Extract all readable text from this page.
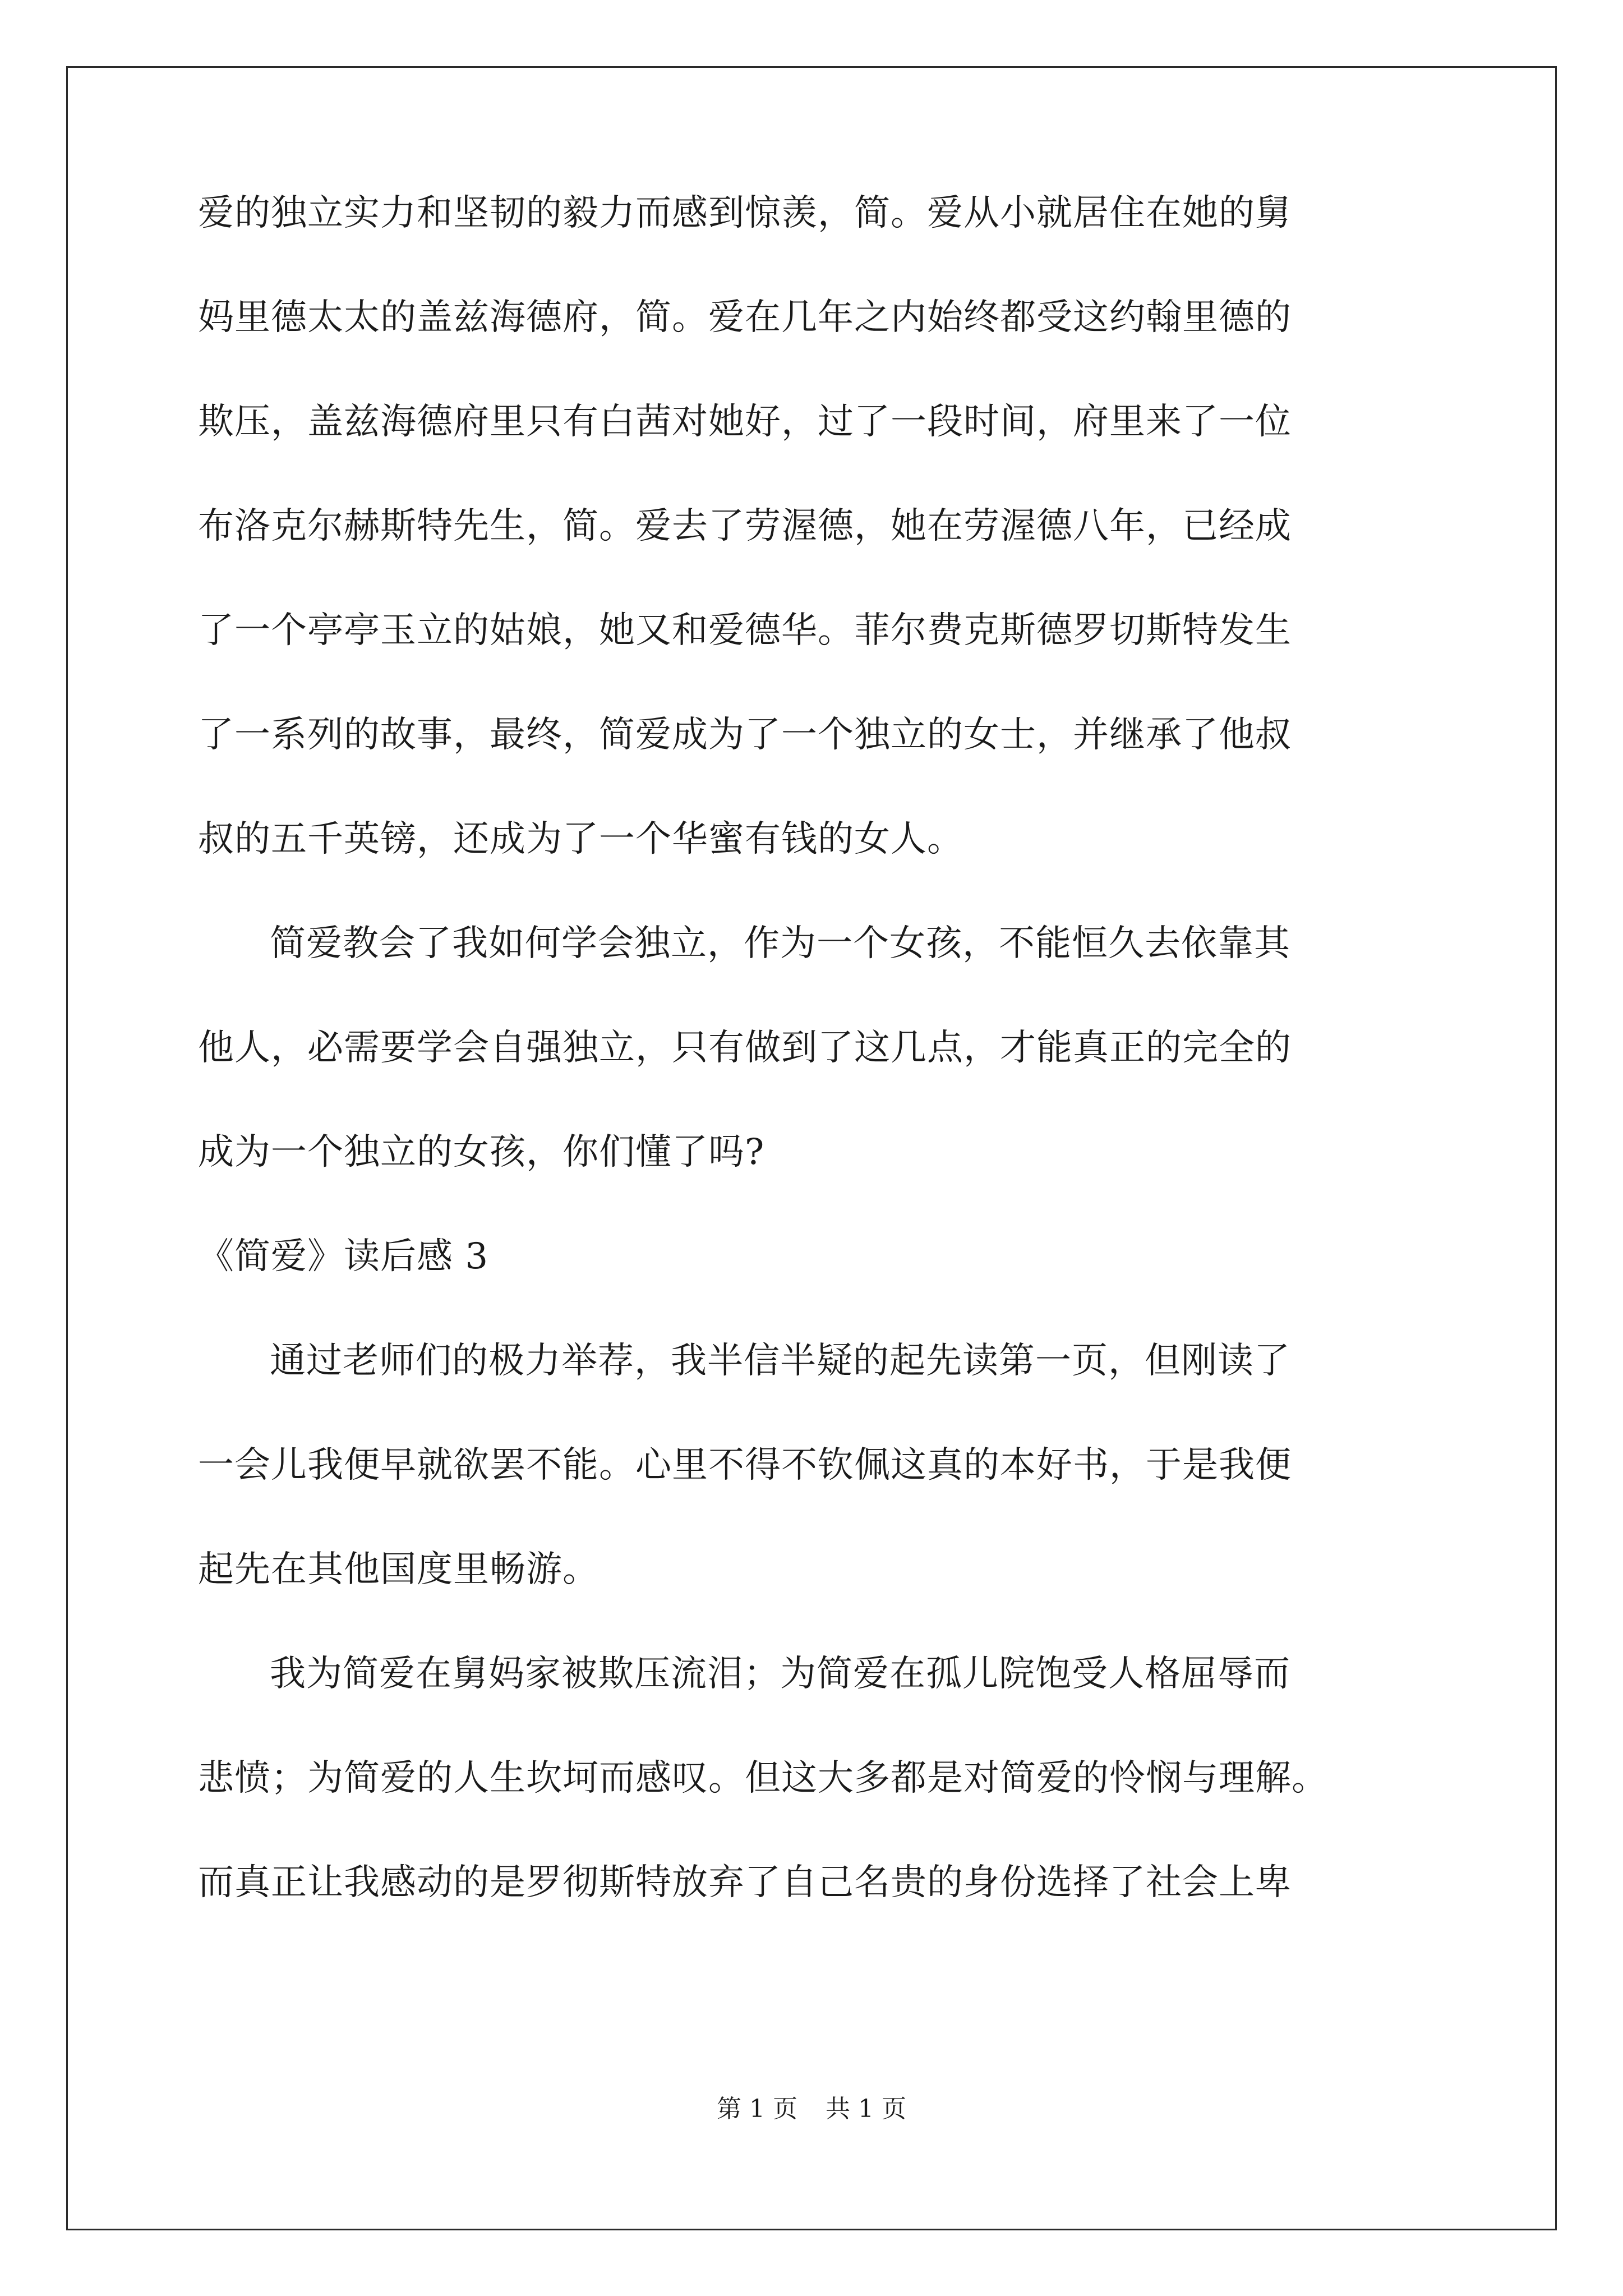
爱的独立实力和坚韧的毅力而感到惊羡，简。爱从小就居住在她的舅
妈里德太太的盖兹海德府，简。爱在几年之内始终都受这约翰里德的
欺压，盖兹海德府里只有白茜对她好，过了一段时间，府里来了一位
布洛克尔赫斯特先生，简。爱去了劳渥德，她在劳渥德八年，已经成
了一个亭亭玉立的姑娘，她又和爱德华。菲尔费克斯德罗切斯特发生
了一系列的故事，最终，简爱成为了一个独立的女士，并继承了他叔
叔的五千英镑，还成为了一个华蜜有钱的女人。
简爱教会了我如何学会独立，作为一个女孩，不能恒久去依靠其
他人，必需要学会自强独立，只有做到了这几点，才能真正的完全的
成为一个独立的女孩，你们懂了吗?
《简爱》读后感 3
通过老师们的极力举荐，我半信半疑的起先读第一页，但刚读了
一会儿我便早就欲罢不能。心里不得不钦佩这真的本好书，于是我便
起先在其他国度里畅游。
我为简爱在舅妈家被欺压流泪；为简爱在孤儿院饱受人格屈辱而
悲愤；为简爱的人生坎坷而感叹。但这大多都是对简爱的怜悯与理解。
而真正让我感动的是罗彻斯特放弃了自己名贵的身份选择了社会上卑
第 1 页 共 1 页
